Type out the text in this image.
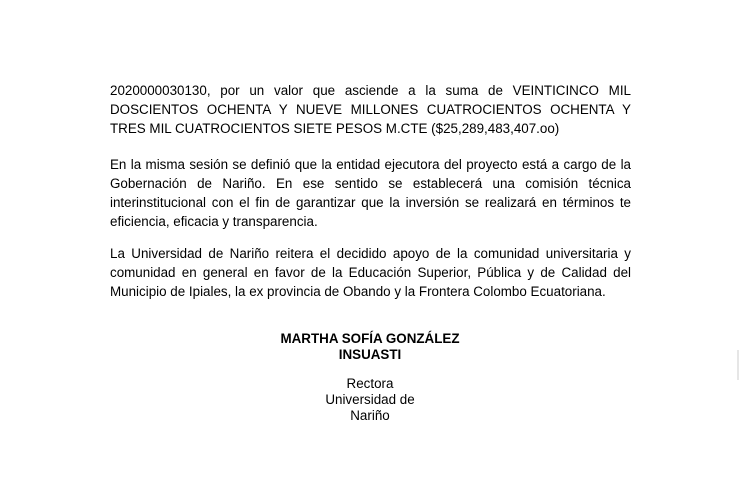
2020000030130, por un valor que asciende a la suma de VEINTICINCO MIL DOSCIENTOS OCHENTA Y NUEVE MILLONES CUATROCIENTOS OCHENTA Y TRES MIL CUATROCIENTOS SIETE PESOS M.CTE ($25,289,483,407.oo)

En la misma sesión se definió que la entidad ejecutora del proyecto está a cargo de la Gobernación de Nariño. En ese sentido se establecerá una comisión técnica interinstitucional con el fin de garantizar que la inversión se realizará en términos te eficiencia, eficacia y transparencia.

La Universidad de Nariño reitera el decidido apoyo de la comunidad universitaria y comunidad en general en favor de la Educación Superior, Pública y de Calidad del Municipio de Ipiales, la ex provincia de Obando y la Frontera Colombo Ecuatoriana.

MARTHA SOFÍA GONZÁLEZ
INSUASTI
Rectora
Universidad de
Nariño
